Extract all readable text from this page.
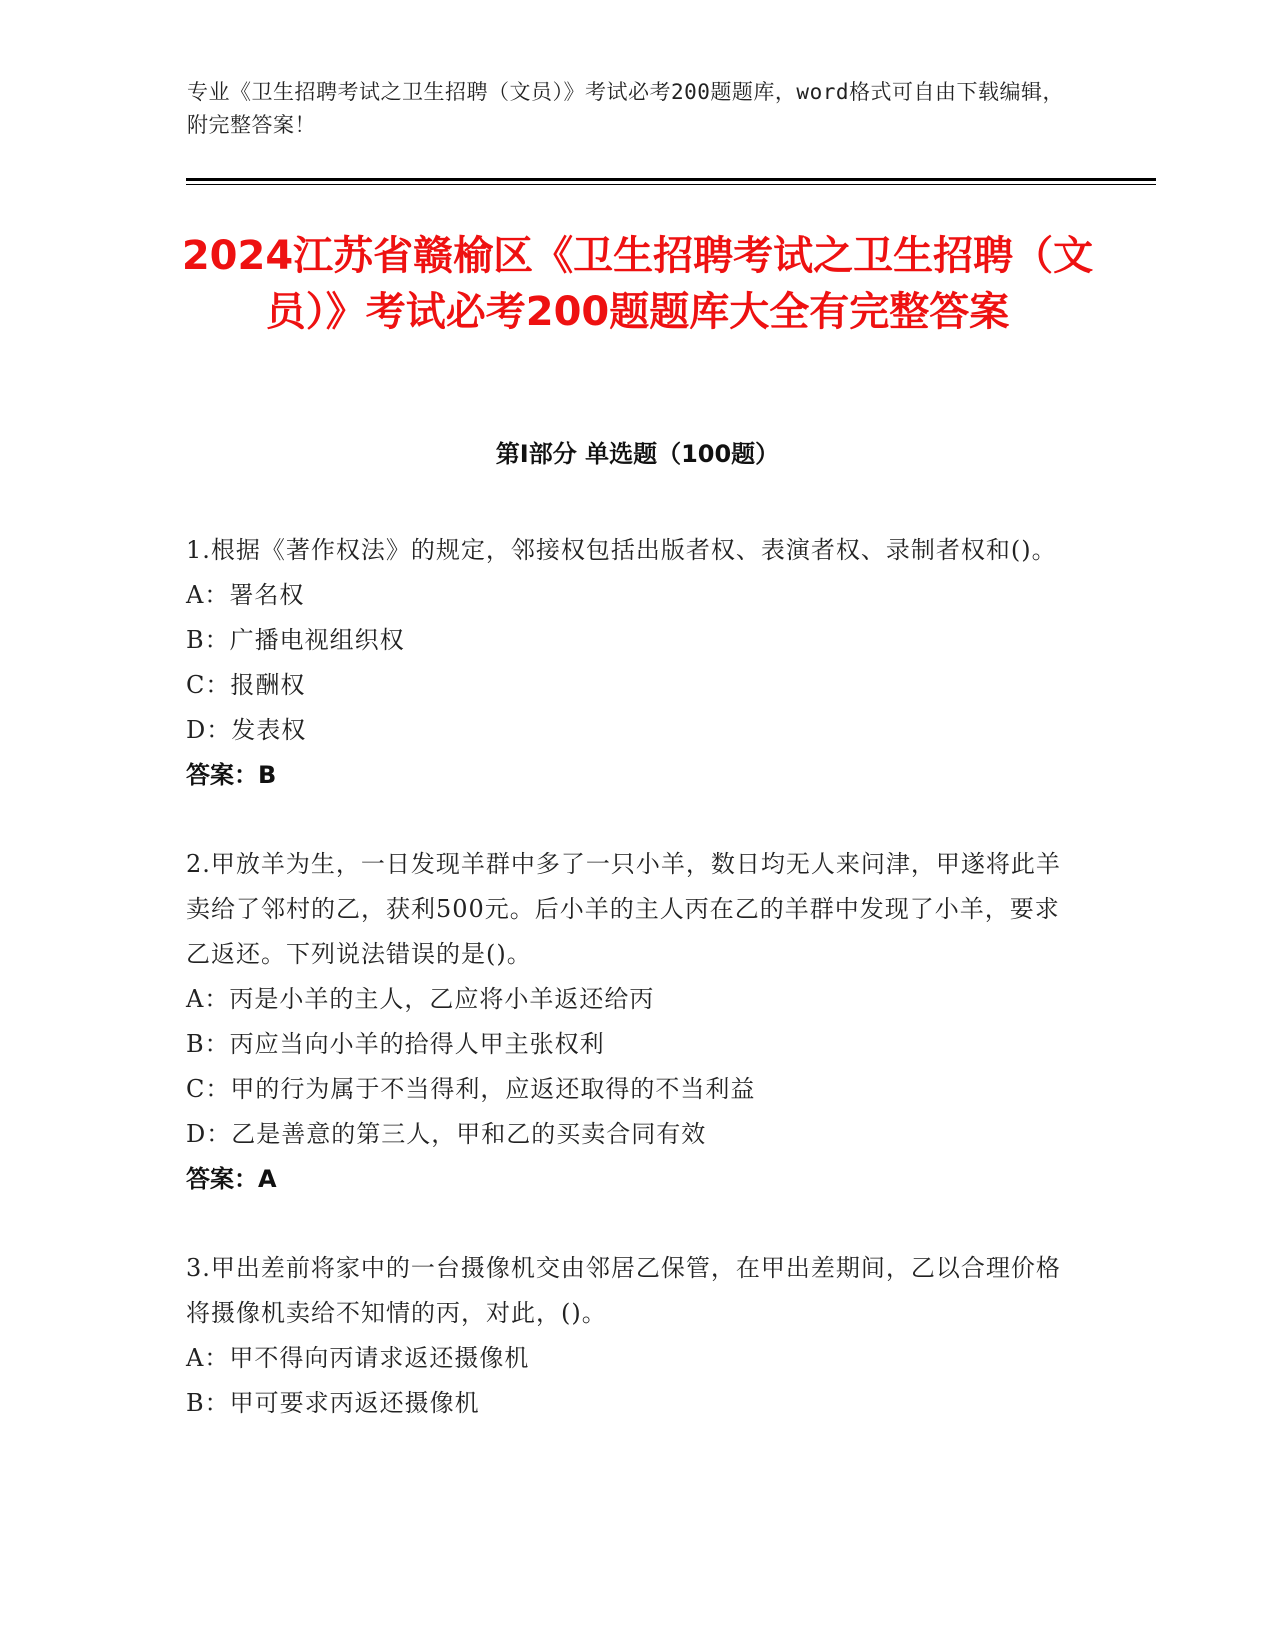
专业《卫生招聘考试之卫生招聘（文员）》考试必考200题题库，word格式可自由下载编辑，附完整答案！
2024江苏省赣榆区《卫生招聘考试之卫生招聘（文员）》考试必考200题题库大全有完整答案
第I部分 单选题（100题）
1.根据《著作权法》的规定，邻接权包括出版者权、表演者权、录制者权和()。
A：署名权
B：广播电视组织权
C：报酬权
D：发表权
答案：B
2.甲放羊为生，一日发现羊群中多了一只小羊，数日均无人来问津，甲遂将此羊卖给了邻村的乙，获利500元。后小羊的主人丙在乙的羊群中发现了小羊，要求乙返还。下列说法错误的是()。
A：丙是小羊的主人，乙应将小羊返还给丙
B：丙应当向小羊的拾得人甲主张权利
C：甲的行为属于不当得利，应返还取得的不当利益
D：乙是善意的第三人，甲和乙的买卖合同有效
答案：A
3.甲出差前将家中的一台摄像机交由邻居乙保管，在甲出差期间，乙以合理价格将摄像机卖给不知情的丙，对此，()。
A：甲不得向丙请求返还摄像机
B：甲可要求丙返还摄像机
